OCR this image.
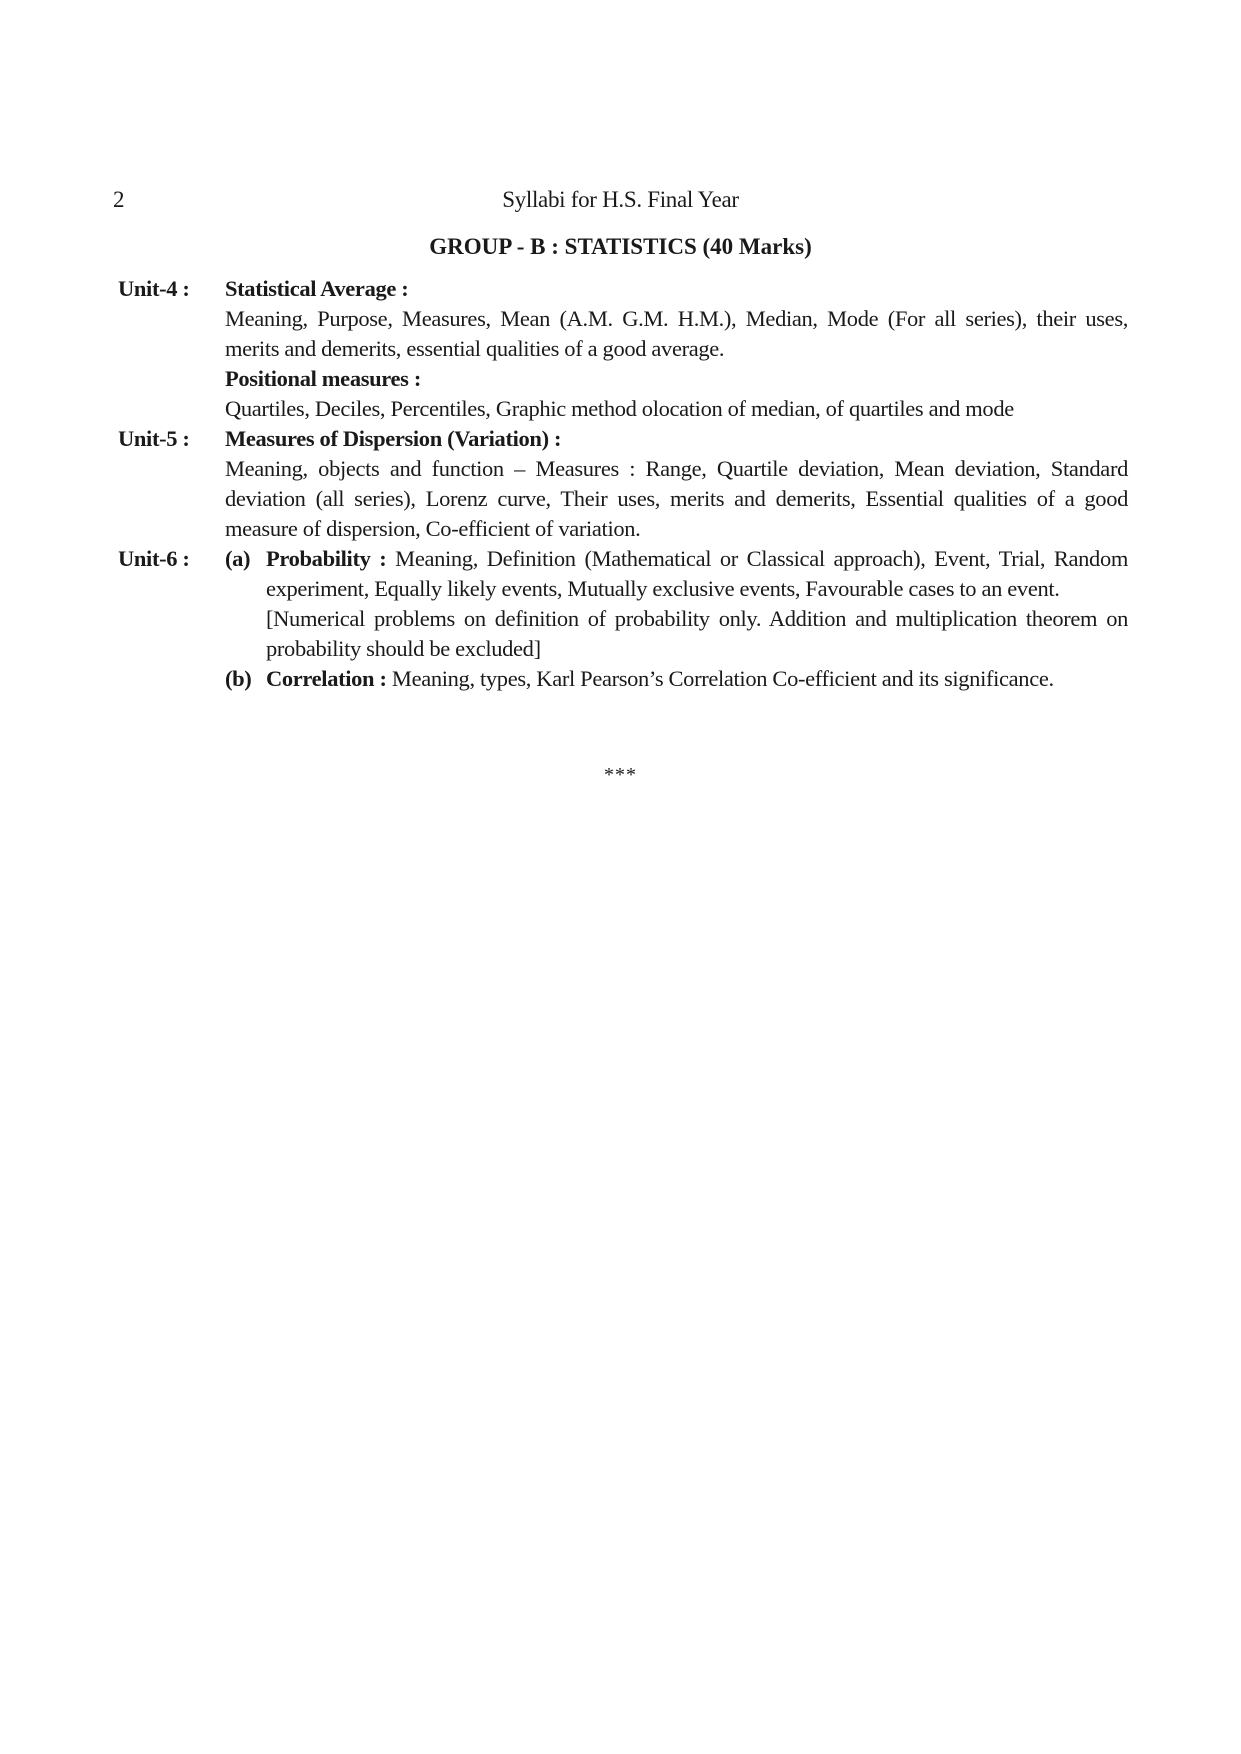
2	Syllabi for H.S. Final Year
GROUP - B : STATISTICS (40 Marks)
Unit-4 :	Statistical Average :
Meaning, Purpose, Measures, Mean (A.M. G.M. H.M.), Median, Mode (For all series), their uses, merits and demerits, essential qualities of a good average.
Positional measures :
Quartiles, Deciles, Percentiles, Graphic method olocation of median, of quartiles and mode
Unit-5 :	Measures of Dispersion (Variation) :
Meaning, objects and function – Measures : Range, Quartile deviation, Mean deviation, Standard deviation (all series), Lorenz curve, Their uses, merits and demerits, Essential qualities of a good measure of dispersion, Co-efficient of variation.
Unit-6 :	(a) Probability : Meaning, Definition (Mathematical or Classical approach), Event, Trial, Random experiment, Equally likely events, Mutually exclusive events, Favourable cases to an event.
[Numerical problems on definition of probability only. Addition and multiplication theorem on probability should be excluded]
(b) Correlation : Meaning, types, Karl Pearson’s Correlation Co-efficient and its significance.
***
